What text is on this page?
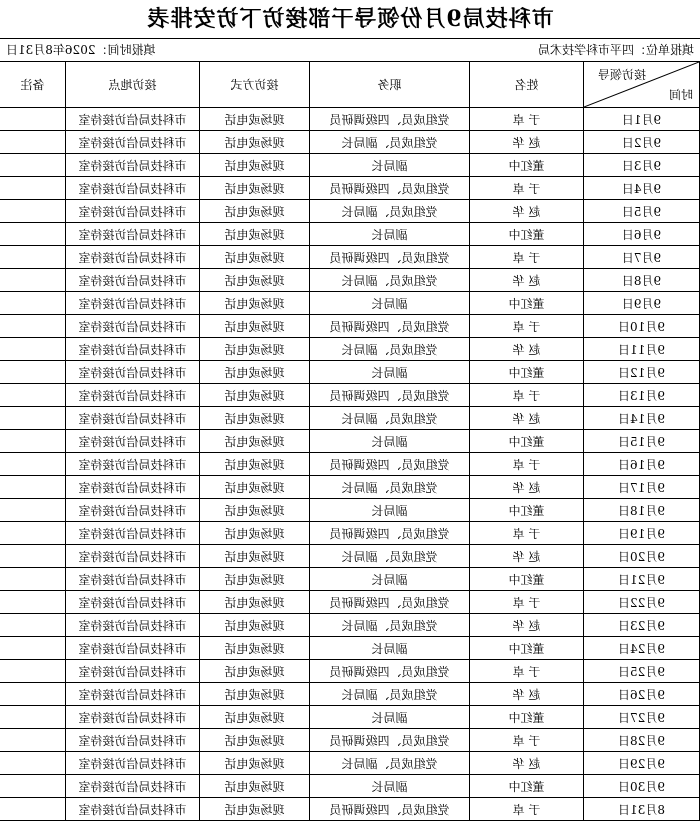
市科技局9月份领导干部接访下访安排表
填报单位：四平市科学技术局
填报时间：2026年8月31日
接访领导
时间	姓名	职务	接访方式	接访地点	备注
9月1日	于 卓	党组成员、四级调研员	现场或电话	市科技局信访接待室	
9月2日	赵 华	党组成员、副局长	现场或电话	市科技局信访接待室	
9月3日	董红中	副局长	现场或电话	市科技局信访接待室	
9月4日	于 卓	党组成员、四级调研员	现场或电话	市科技局信访接待室	
9月5日	赵 华	党组成员、副局长	现场或电话	市科技局信访接待室	
9月6日	董红中	副局长	现场或电话	市科技局信访接待室	
9月7日	于 卓	党组成员、四级调研员	现场或电话	市科技局信访接待室	
9月8日	赵 华	党组成员、副局长	现场或电话	市科技局信访接待室	
9月9日	董红中	副局长	现场或电话	市科技局信访接待室	
9月10日	于 卓	党组成员、四级调研员	现场或电话	市科技局信访接待室	
9月11日	赵 华	党组成员、副局长	现场或电话	市科技局信访接待室	
9月12日	董红中	副局长	现场或电话	市科技局信访接待室	
9月13日	于 卓	党组成员、四级调研员	现场或电话	市科技局信访接待室	
9月14日	赵 华	党组成员、副局长	现场或电话	市科技局信访接待室	
9月15日	董红中	副局长	现场或电话	市科技局信访接待室	
9月16日	于 卓	党组成员、四级调研员	现场或电话	市科技局信访接待室	
9月17日	赵 华	党组成员、副局长	现场或电话	市科技局信访接待室	
9月18日	董红中	副局长	现场或电话	市科技局信访接待室	
9月19日	于 卓	党组成员、四级调研员	现场或电话	市科技局信访接待室	
9月20日	赵 华	党组成员、副局长	现场或电话	市科技局信访接待室	
9月21日	董红中	副局长	现场或电话	市科技局信访接待室	
9月22日	于 卓	党组成员、四级调研员	现场或电话	市科技局信访接待室	
9月23日	赵 华	党组成员、副局长	现场或电话	市科技局信访接待室	
9月24日	董红中	副局长	现场或电话	市科技局信访接待室	
9月25日	于 卓	党组成员、四级调研员	现场或电话	市科技局信访接待室	
9月26日	赵 华	党组成员、副局长	现场或电话	市科技局信访接待室	
9月27日	董红中	副局长	现场或电话	市科技局信访接待室	
9月28日	于 卓	党组成员、四级调研员	现场或电话	市科技局信访接待室	
9月29日	赵 华	党组成员、副局长	现场或电话	市科技局信访接待室	
9月30日	董红中	副局长	现场或电话	市科技局信访接待室	
8月31日	于 卓	党组成员、四级调研员	现场或电话	市科技局信访接待室	
